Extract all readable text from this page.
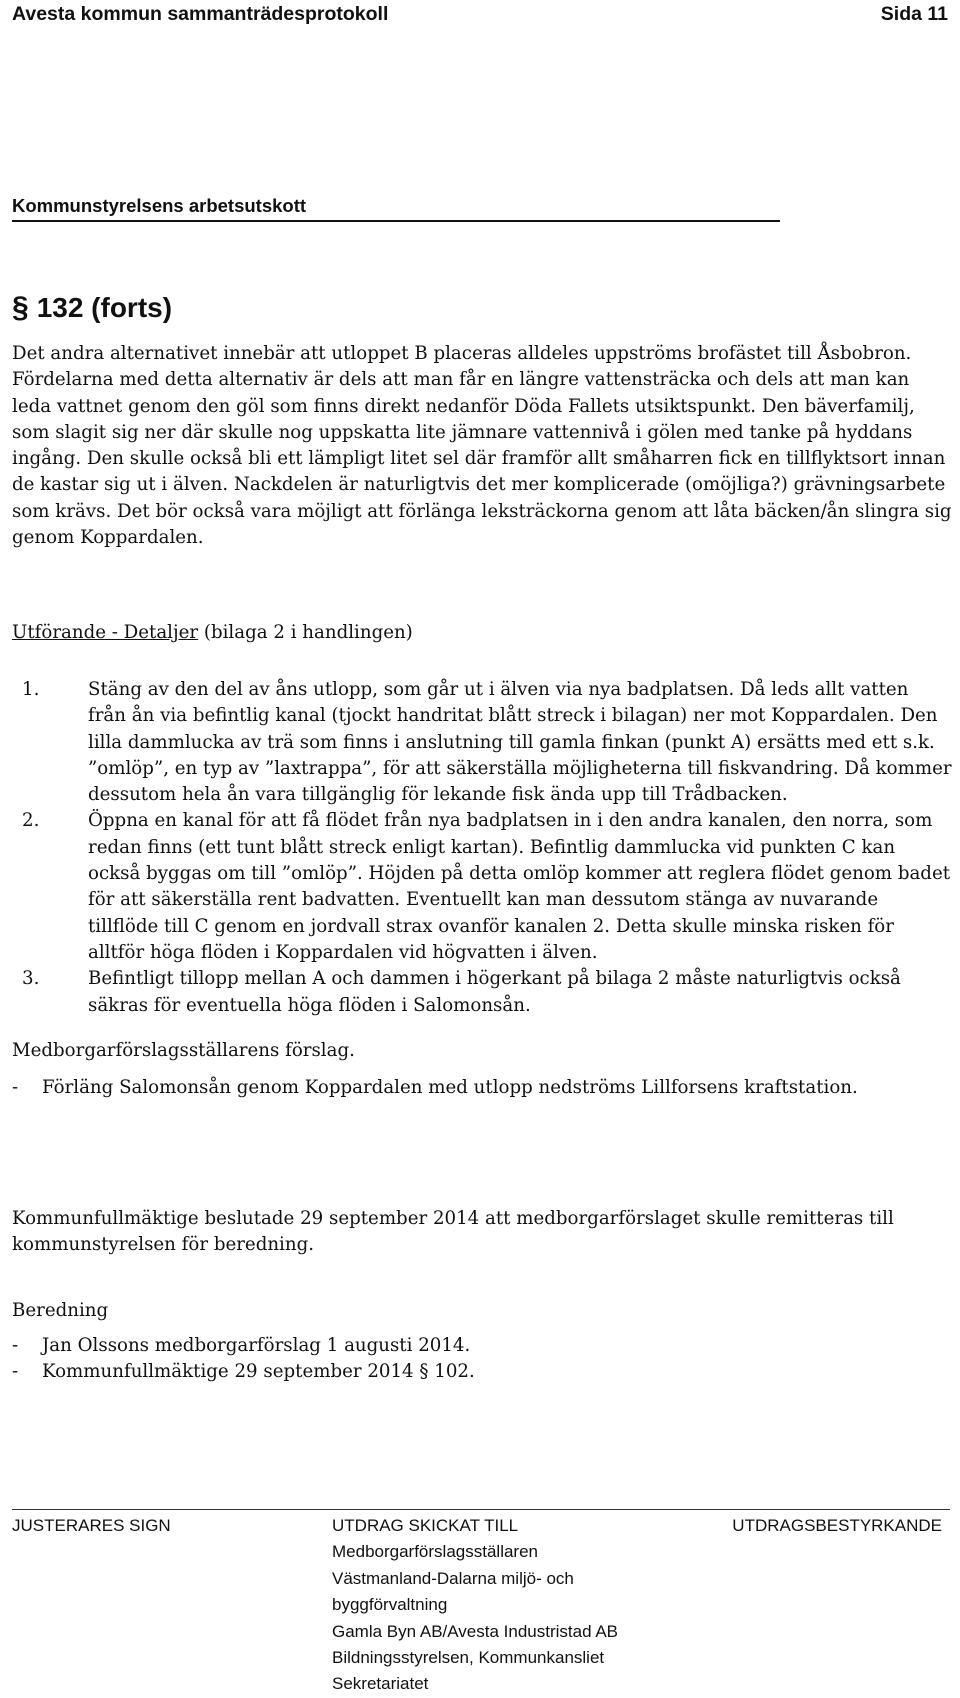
Avesta kommun sammanträdesprotokoll	Sida 11
Kommunstyrelsens arbetsutskott
§ 132 (forts)

Det andra alternativet innebär att utloppet B placeras alldeles uppströms brofästet till Åsbobron. Fördelarna med detta alternativ är dels att man får en längre vattensträcka och dels att man kan leda vattnet genom den göl som finns direkt nedanför Döda Fallets utsiktspunkt. Den bäverfamilj, som slagit sig ner där skulle nog uppskatta lite jämnare vattennivå i gölen med tanke på hyddans ingång. Den skulle också bli ett lämpligt litet sel där framför allt småharren fick en tillflyktsort innan de kastar sig ut i älven. Nackdelen är naturligtvis det mer komplicerade (omöjliga?) grävningsarbete som krävs. Det bör också vara möjligt att förlänga leksträckorna genom att låta bäcken/ån slingra sig genom Koppardalen.

Utförande - Detaljer (bilaga 2 i handlingen)

1.	Stäng av den del av åns utlopp, som går ut i älven via nya badplatsen. Då leds allt vatten från ån via befintlig kanal (tjockt handritat blått streck i bilagan) ner mot Koppardalen. Den lilla dammlucka av trä som finns i anslutning till gamla finkan (punkt A) ersätts med ett s.k. ”omlöp”, en typ av ”laxtrappa”, för att säkerställa möjligheterna till fiskvandring. Då kommer dessutom hela ån vara tillgänglig för lekande fisk ända upp till Trådbacken.
2.	Öppna en kanal för att få flödet från nya badplatsen in i den andra kanalen, den norra, som redan finns (ett tunt blått streck enligt kartan). Befintlig dammlucka vid punkten C kan också byggas om till ”omlöp”. Höjden på detta omlöp kommer att reglera flödet genom badet för att säkerställa rent badvatten. Eventuellt kan man dessutom stänga av nuvarande tillflöde till C genom en jordvall strax ovanför kanalen 2. Detta skulle minska risken för alltför höga flöden i Koppardalen vid högvatten i älven.
3.	Befintligt tillopp mellan A och dammen i högerkant på bilaga 2 måste naturligtvis också säkras för eventuella höga flöden i Salomonsån.

Medborgarförslagsställarens förslag.

- Förläng Salomonsån genom Koppardalen med utlopp nedströms Lillforsens kraftstation.

Kommunfullmäktige beslutade 29 september 2014 att medborgarförslaget skulle remitteras till kommunstyrelsen för beredning.

Beredning

- Jan Olssons medborgarförslag 1 augusti 2014.
- Kommunfullmäktige 29 september 2014 § 102.
JUSTERARES SIGN	UTDRAG SKICKAT TILL
Medborgarförslagsställaren
Västmanland-Dalarna miljö- och
byggförvaltning
Gamla Byn AB/Avesta Industristad AB
Bildningsstyrelsen, Kommunkansliet
Sekretariatet
UTDRAGSBESTYRKANDE
